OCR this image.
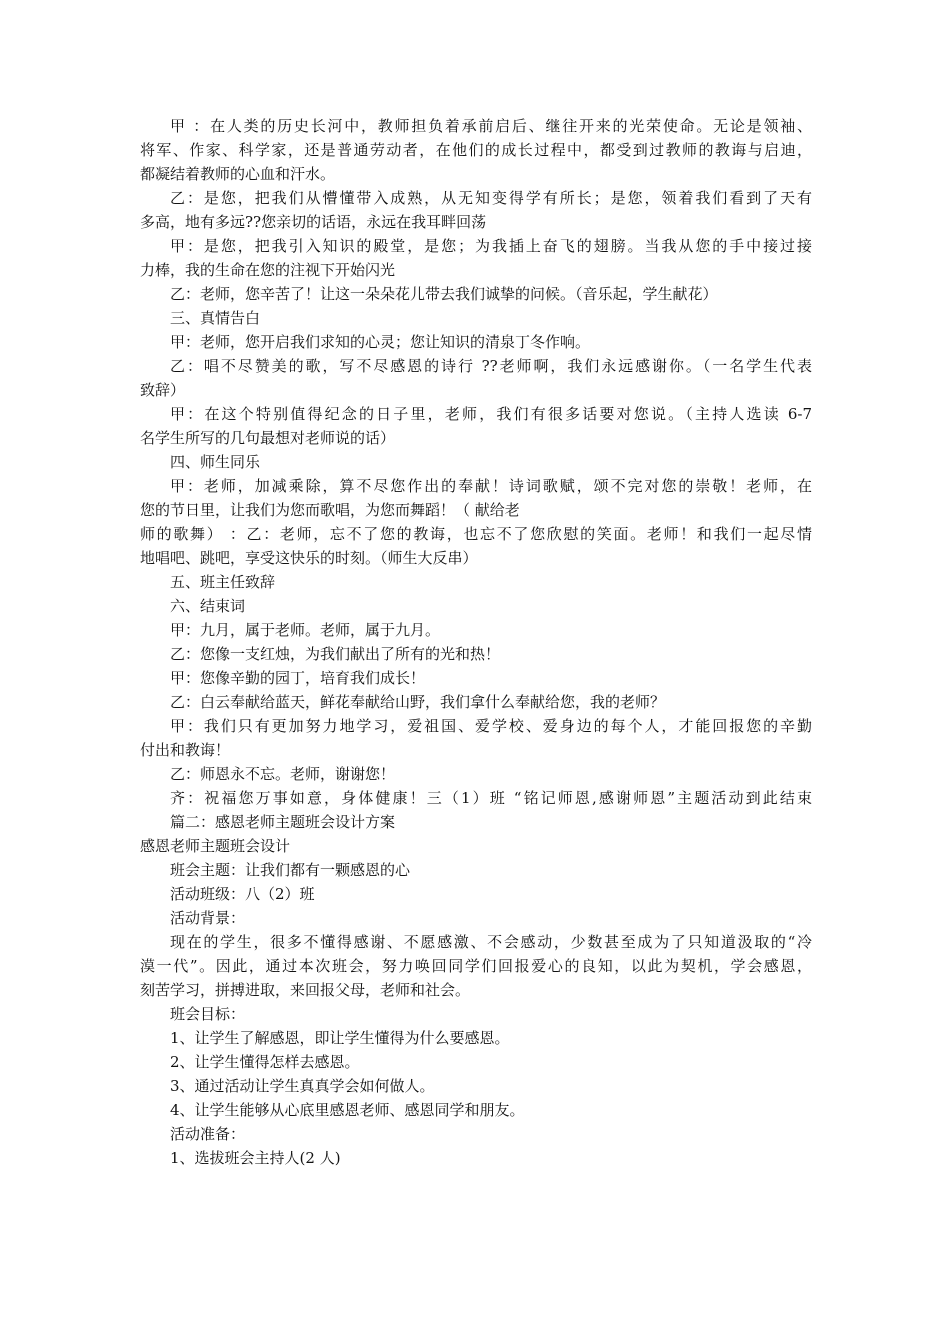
甲 ：在人类的历史长河中，教师担负着承前启后、继往开来的光荣使命。无论是领袖、
将军、作家、科学家，还是普通劳动者，在他们的成长过程中，都受到过教师的教诲与启迪，
都凝结着教师的心血和汗水。
乙：是您，把我们从懵懂带入成熟，从无知变得学有所长；是您，领着我们看到了天有
多高，地有多远??您亲切的话语，永远在我耳畔回荡
甲：是您，把我引入知识的殿堂，是您；为我插上奋飞的翅膀。当我从您的手中接过接
力棒，我的生命在您的注视下开始闪光
乙：老师，您辛苦了！让这一朵朵花儿带去我们诚挚的问候。（音乐起，学生献花）
三、真情告白
甲：老师，您开启我们求知的心灵；您让知识的清泉丁冬作响。
乙：唱不尽赞美的歌，写不尽感恩的诗行 ??老师啊，我们永远感谢你。（一名学生代表
致辞）
甲：在这个特别值得纪念的日子里，老师，我们有很多话要对您说。（主持人选读 6-7
名学生所写的几句最想对老师说的话）
四、师生同乐
甲：老师，加减乘除，算不尽您作出的奉献！诗词歌赋，颂不完对您的崇敬！老师，在
您的节日里，让我们为您而歌唱，为您而舞蹈！（ 献给老
师的歌舞） ：乙：老师，忘不了您的教诲，也忘不了您欣慰的笑面。老师！和我们一起尽情
地唱吧、跳吧，享受这快乐的时刻。（师生大反串）
五、班主任致辞
六、结束词
甲：九月，属于老师。老师，属于九月。
乙：您像一支红烛，为我们献出了所有的光和热！
甲：您像辛勤的园丁，培育我们成长！
乙：白云奉献给蓝天，鲜花奉献给山野，我们拿什么奉献给您，我的老师？
甲：我们只有更加努力地学习，爱祖国、爱学校、爱身边的每个人，才能回报您的辛勤
付出和教诲！
乙：师恩永不忘。老师，谢谢您！
齐：祝福您万事如意，身体健康！三（1）班 “铭记师恩,感谢师恩”主题活动到此结束
篇二：感恩老师主题班会设计方案
感恩老师主题班会设计
班会主题：让我们都有一颗感恩的心
活动班级：八（2）班
活动背景：
现在的学生，很多不懂得感谢、不愿感激、不会感动，少数甚至成为了只知道汲取的“冷
漠一代”。因此，通过本次班会，努力唤回同学们回报爱心的良知，以此为契机，学会感恩，
刻苦学习，拼搏进取，来回报父母，老师和社会。
班会目标：
1、让学生了解感恩，即让学生懂得为什么要感恩。
2、让学生懂得怎样去感恩。
3、通过活动让学生真真学会如何做人。
4、让学生能够从心底里感恩老师、感恩同学和朋友。
活动准备：
1、选拔班会主持人(2 人)
